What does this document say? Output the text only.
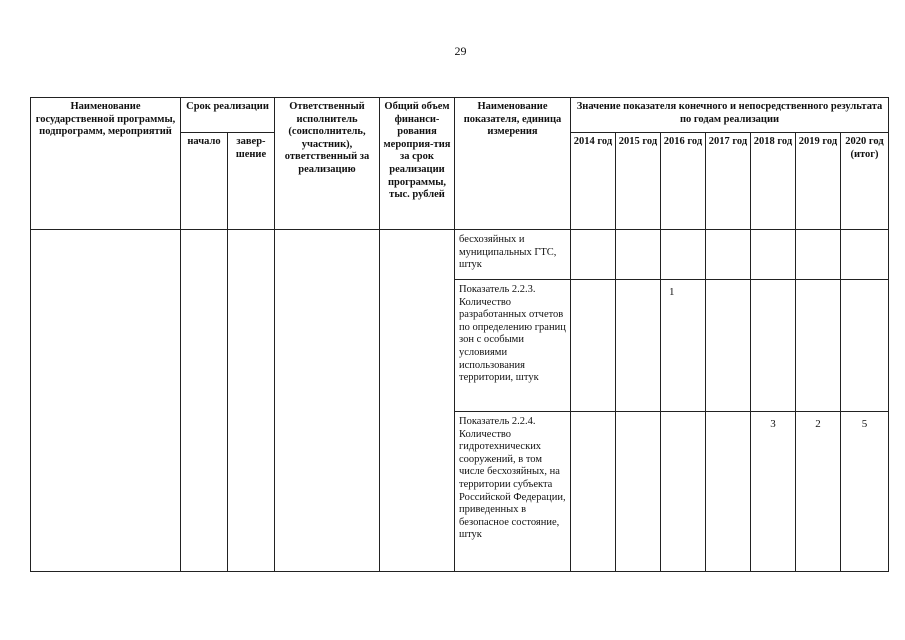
29
Наименование государственной программы, подпрограмм, мероприятий	Срок реализации		Ответственный исполнитель (соисполнитель, участник), ответственный за реализацию	Общий объем финанси-рования мероприя-тия за срок реализации программы, тыс. рублей	Наименование показателя, единица измерения	Значение показателя конечного и непосредственного результата по годам реализации						
	начало	завер-шение				2014 год	2015 год	2016 год	2017 год	2018 год	2019 год	2020 год (итог)
					бесхозяйных и муниципальных ГТС, штук							
					Показатель 2.2.3. Количество разработанных отчетов по определению границ зон с особыми условиями использования территории, штук			1				
					Показатель 2.2.4. Количество гидротехнических сооружений, в том числе бесхозяйных, на территории субъекта Российской Федерации, приведенных в безопасное состояние, штук					3	2	5
